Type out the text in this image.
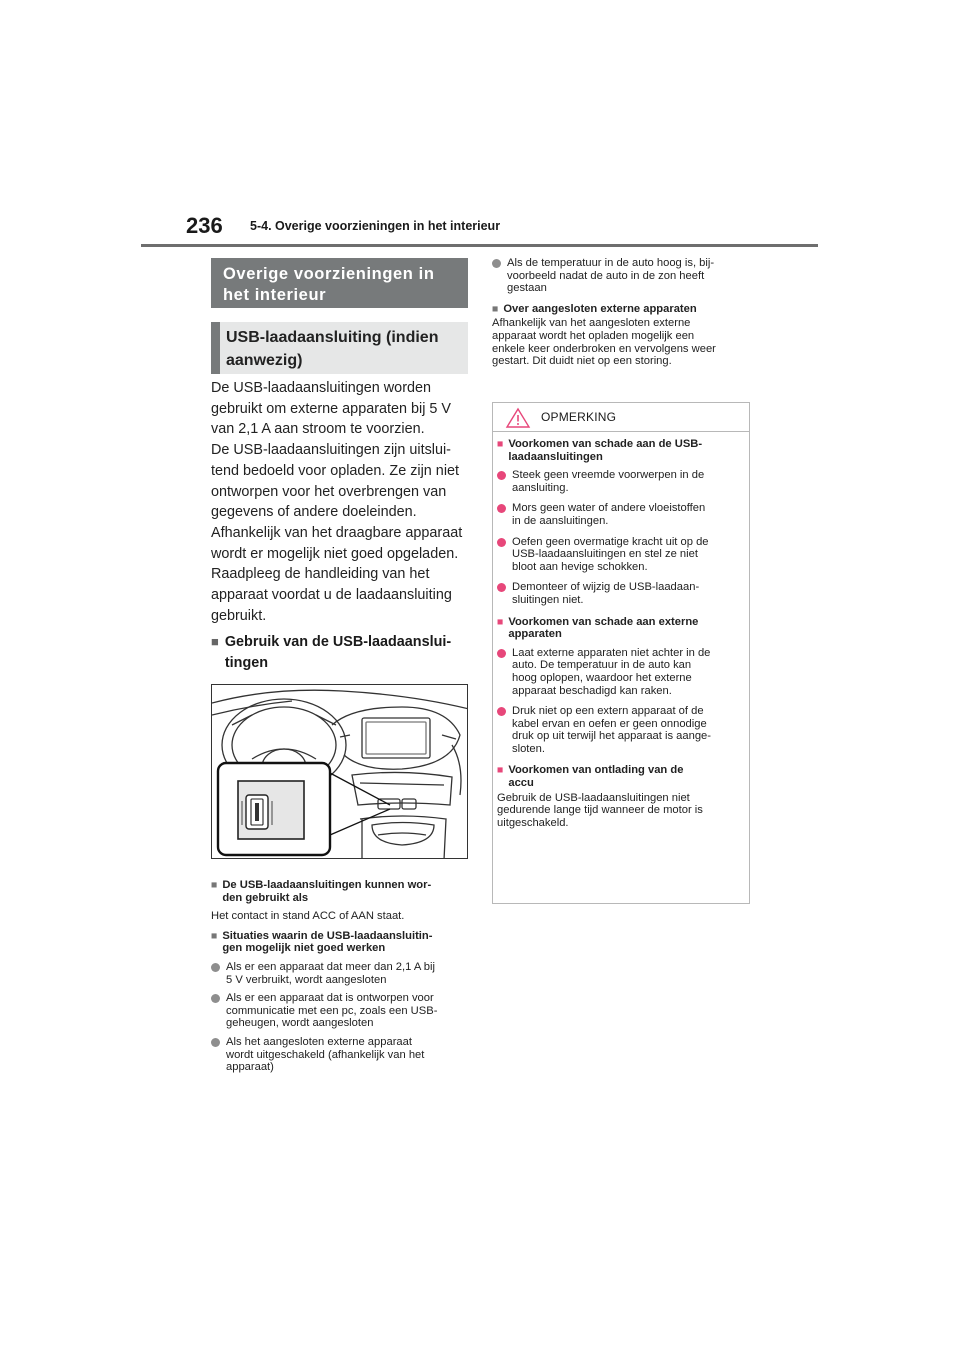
236 5-4. Overige voorzieningen in het interieur
Overige voorzieningen in
het interieur
USB-laadaansluiting (indien
aanwezig)

De USB-laadaansluitingen worden

gebruikt om externe apparaten bij 5 V

van 2,1 A aan stroom te voorzien.

De USB-laadaansluitingen zijn uitslui-

tend bedoeld voor opladen. Ze zijn niet

ontworpen voor het overbrengen van

gegevens of andere doeleinden.

Afhankelijk van het draagbare apparaat

wordt er mogelijk niet goed opgeladen.

Raadpleeg de handleiding van het

apparaat voordat u de laadaansluiting

gebruikt.

■ Gebruik van de USB-laadaanslui-
tingen
■ De USB-laadaansluitingen kunnen wor-
den gebruikt als
Het contact in stand ACC of AAN staat.
■ Situaties waarin de USB-laadaansluitin-
gen mogelijk niet goed werken
Als er een apparaat dat meer dan 2,1 A bij
5 V verbruikt, wordt aangesloten
Als er een apparaat dat is ontworpen voor
communicatie met een pc, zoals een USB-
geheugen, wordt aangesloten
Als het aangesloten externe apparaat
wordt uitgeschakeld (afhankelijk van het
apparaat)
Als de temperatuur in de auto hoog is, bij-
voorbeeld nadat de auto in de zon heeft
gestaan
■ Over aangesloten externe apparaten
Afhankelijk van het aangesloten externe
apparaat wordt het opladen mogelijk een
enkele keer onderbroken en vervolgens weer
gestart. Dit duidt niet op een storing.
OPMERKING
■ Voorkomen van schade aan de USB-
laadaansluitingen
Steek geen vreemde voorwerpen in de
aansluiting.
Mors geen water of andere vloeistoffen
in de aansluitingen.
Oefen geen overmatige kracht uit op de
USB-laadaansluitingen en stel ze niet
bloot aan hevige schokken.
Demonteer of wijzig de USB-laadaan-
sluitingen niet.
■ Voorkomen van schade aan externe
apparaten
Laat externe apparaten niet achter in de
auto. De temperatuur in de auto kan
hoog oplopen, waardoor het externe
apparaat beschadigd kan raken.
Druk niet op een extern apparaat of de
kabel ervan en oefen er geen onnodige
druk op uit terwijl het apparaat is aange-
sloten.
■ Voorkomen van ontlading van de
accu
Gebruik de USB-laadaansluitingen niet
gedurende lange tijd wanneer de motor is
uitgeschakeld.
